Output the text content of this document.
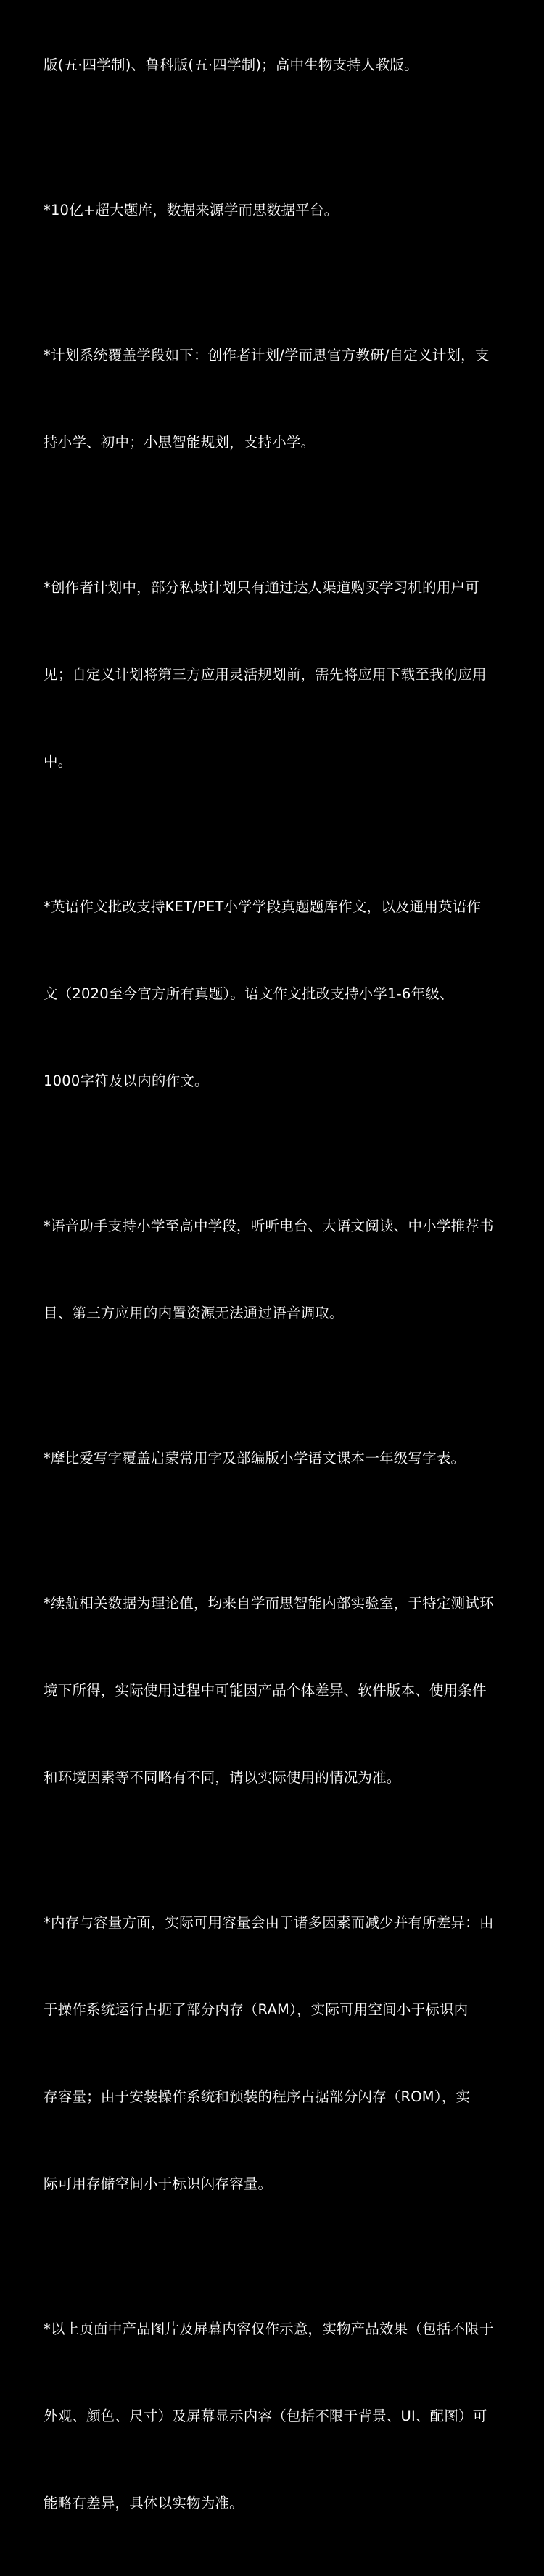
版(五·四学制)、鲁科版(五·四学制)；高中生物支持人教版。

*10亿+超大题库，数据来源学而思数据平台。

*计划系统覆盖学段如下：创作者计划/学而思官方教研/自定义计划，支

持小学、初中；小思智能规划，支持小学。

*创作者计划中，部分私域计划只有通过达人渠道购买学习机的用户可

见；自定义计划将第三方应用灵活规划前，需先将应用下载至我的应用

中。

*英语作文批改支持KET/PET小学学段真题题库作文，以及通用英语作

文（2020至今官方所有真题）。语文作文批改支持小学1-6年级、

1000字符及以内的作文。

*语音助手支持小学至高中学段，听听电台、大语文阅读、中小学推荐书

目、第三方应用的内置资源无法通过语音调取。

*摩比爱写字覆盖启蒙常用字及部编版小学语文课本一年级写字表。

*续航相关数据为理论值，均来自学而思智能内部实验室，于特定测试环

境下所得，实际使用过程中可能因产品个体差异、软件版本、使用条件

和环境因素等不同略有不同，请以实际使用的情况为准。

*内存与容量方面，实际可用容量会由于诸多因素而减少并有所差异：由

于操作系统运行占据了部分内存（RAM），实际可用空间小于标识内

存容量；由于安装操作系统和预装的程序占据部分闪存（ROM），实

际可用存储空间小于标识闪存容量。

*以上页面中产品图片及屏幕内容仅作示意，实物产品效果（包括不限于

外观、颜色、尺寸）及屏幕显示内容（包括不限于背景、UI、配图）可

能略有差异，具体以实物为准。
